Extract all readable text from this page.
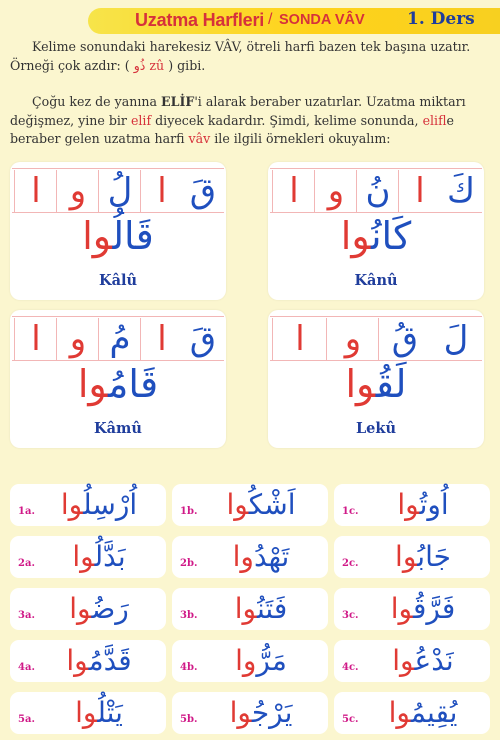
Uzatma Harfleri / SONDA VÂV 1. Ders
Kelime sonundaki harekesiz VÂV, ötreli harfi bazen tek başına uzatır.
Örneği çok azdır: ( ذُو zû ) gibi.
Çoğu kez de yanına ELİF'i alarak beraber uzatırlar. Uzatma miktarı
değişmez, yine bir elif diyecek kadardır. Şimdi, kelime sonunda, elifle
beraber gelen uzatma harfi vâv ile ilgili örnekleri okuyalım:
قَ
ا
لُ
و
ا
قَالُوا
Kâlû
كَ
ا
نُ
و
ا
كَانُوا
Kânû
قَ
ا
مُ
و
ا
قَامُوا
Kâmû
لَ
قُ
و
ا
لَقُوا
Lekû
1a.	اُرْسِلُوا	1b.	اَشْكُوا	1c.	اُوتُوا
2a.	بَدَّلُوا	2b.	تَهْدُوا	2c.	جَابُوا
3a.	رَضُوا	3b.	فَتَنُوا	3c.	فَرَّقُوا
4a.	قَدَّمُوا	4b.	مَرُّوا	4c.	نَدْعُوا
5a.	يَتْلُوا	5b.	يَرْجُوا	5c.	يُقِيمُوا
